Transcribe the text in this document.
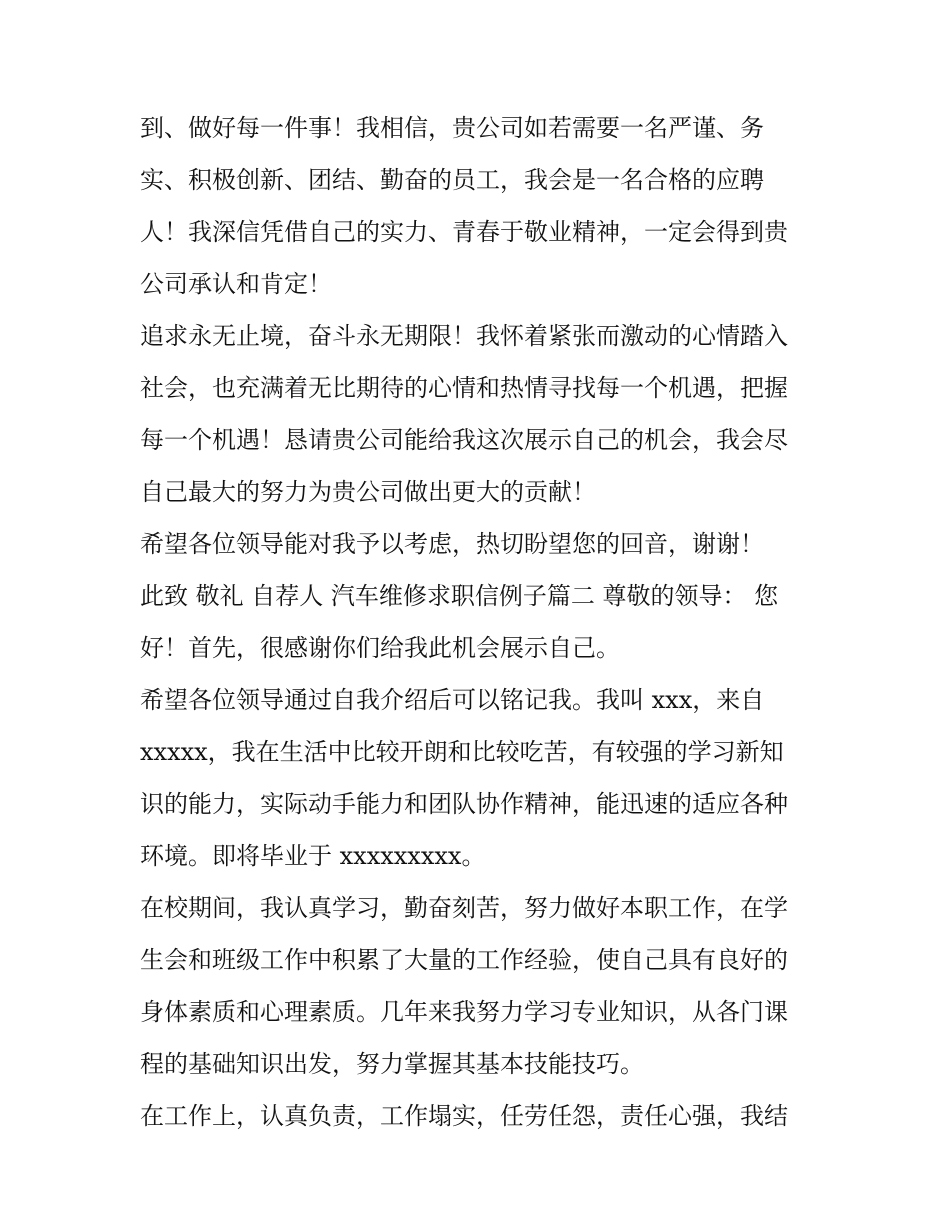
到、做好每一件事！我相信，贵公司如若需要一名严谨、务
实、积极创新、团结、勤奋的员工，我会是一名合格的应聘
人！我深信凭借自己的实力、青春于敬业精神，一定会得到贵
公司承认和肯定！
追求永无止境，奋斗永无期限！我怀着紧张而激动的心情踏入
社会，也充满着无比期待的心情和热情寻找每一个机遇，把握
每一个机遇！恳请贵公司能给我这次展示自己的机会，我会尽
自己最大的努力为贵公司做出更大的贡献！
希望各位领导能对我予以考虑，热切盼望您的回音，谢谢！
此致 敬礼 自荐人 汽车维修求职信例子篇二 尊敬的领导： 您
好！首先，很感谢你们给我此机会展示自己。
希望各位领导通过自我介绍后可以铭记我。我叫 xxx，来自
xxxxx，我在生活中比较开朗和比较吃苦，有较强的学习新知
识的能力，实际动手能力和团队协作精神，能迅速的适应各种
环境。即将毕业于 xxxxxxxxx。
在校期间，我认真学习，勤奋刻苦，努力做好本职工作，在学
生会和班级工作中积累了大量的工作经验，使自己具有良好的
身体素质和心理素质。几年来我努力学习专业知识，从各门课
程的基础知识出发，努力掌握其基本技能技巧。
在工作上，认真负责，工作塌实，任劳任怨，责任心强，我结
